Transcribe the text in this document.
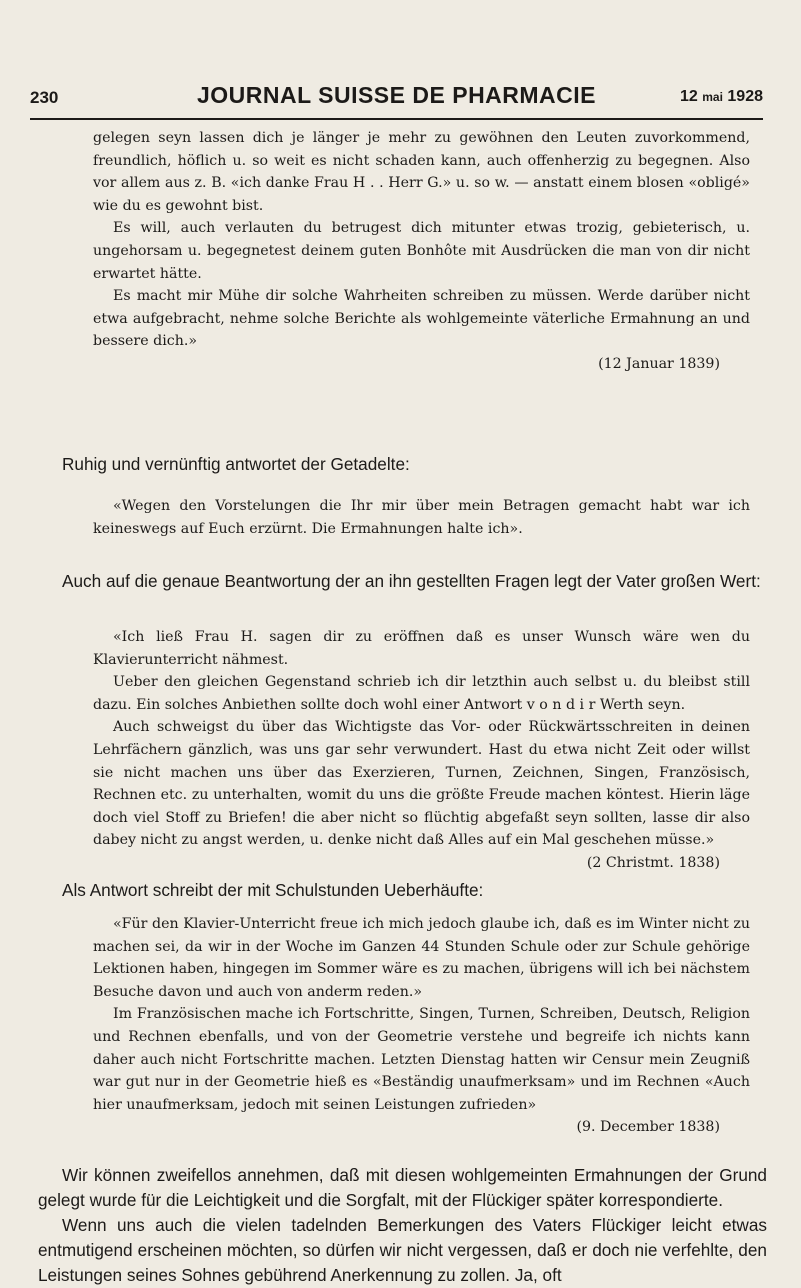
230	JOURNAL SUISSE DE PHARMACIE	12 mai 1928

gelegen seyn lassen dich je länger je mehr zu gewöhnen den Leuten zuvorkommend, freundlich, höflich u. so weit es nicht schaden kann, auch offenherzig zu begegnen. Also vor allem aus z. B. «ich danke Frau H . . Herr G.» u. so w. — anstatt einem blosen «obligé» wie du es gewohnt bist.

Es will, auch verlauten du betrugest dich mitunter etwas trozig, gebieterisch, u. ungehorsam u. begegnetest deinem guten Bonhôte mit Ausdrücken die man von dir nicht erwartet hätte.

Es macht mir Mühe dir solche Wahrheiten schreiben zu müssen. Werde darüber nicht etwa aufgebracht, nehme solche Berichte als wohlgemeinte väterliche Ermahnung an und bessere dich.»

(12 Januar 1839)

Ruhig und vernünftig antwortet der Getadelte:

«Wegen den Vorstelungen die Ihr mir über mein Betragen gemacht habt war ich keineswegs auf Euch erzürnt. Die Ermahnungen halte ich».

Auch auf die genaue Beantwortung der an ihn gestellten Fragen legt der Vater großen Wert:

«Ich ließ Frau H. sagen dir zu eröffnen daß es unser Wunsch wäre wen du Klavierunterricht nähmest.

Ueber den gleichen Gegenstand schrieb ich dir letzthin auch selbst u. du bleibst still dazu. Ein solches Anbiethen sollte doch wohl einer Antwort v o n d i r Werth seyn.

Auch schweigst du über das Wichtigste das Vor- oder Rückwärtsschreiten in deinen Lehrfächern gänzlich, was uns gar sehr verwundert. Hast du etwa nicht Zeit oder willst sie nicht machen uns über das Exerzieren, Turnen, Zeichnen, Singen, Französisch, Rechnen etc. zu unterhalten, womit du uns die größte Freude machen köntest. Hierin läge doch viel Stoff zu Briefen! die aber nicht so flüchtig abgefaßt seyn sollten, lasse dir also dabey nicht zu angst werden, u. denke nicht daß Alles auf ein Mal geschehen müsse.»

(2 Christmt. 1838)

Als Antwort schreibt der mit Schulstunden Ueberhäufte:

«Für den Klavier-Unterricht freue ich mich jedoch glaube ich, daß es im Winter nicht zu machen sei, da wir in der Woche im Ganzen 44 Stunden Schule oder zur Schule gehörige Lektionen haben, hingegen im Sommer wäre es zu machen, übrigens will ich bei nächstem Besuche davon und auch von anderm reden.»

Im Französischen mache ich Fortschritte, Singen, Turnen, Schreiben, Deutsch, Religion und Rechnen ebenfalls, und von der Geometrie verstehe und begreife ich nichts kann daher auch nicht Fortschritte machen. Letzten Dienstag hatten wir Censur mein Zeugniß war gut nur in der Geometrie hieß es «Beständig unaufmerksam» und im Rechnen «Auch hier unaufmerksam, jedoch mit seinen Leistungen zufrieden»

(9. December 1838)

Wir können zweifellos annehmen, daß mit diesen wohlgemeinten Ermahnungen der Grund gelegt wurde für die Leichtigkeit und die Sorgfalt, mit der Flückiger später korrespondierte.

Wenn uns auch die vielen tadelnden Bemerkungen des Vaters Flückiger leicht etwas entmutigend erscheinen möchten, so dürfen wir nicht vergessen, daß er doch nie verfehlte, den Leistungen seines Sohnes gebührend Anerkennung zu zollen. Ja, oft
